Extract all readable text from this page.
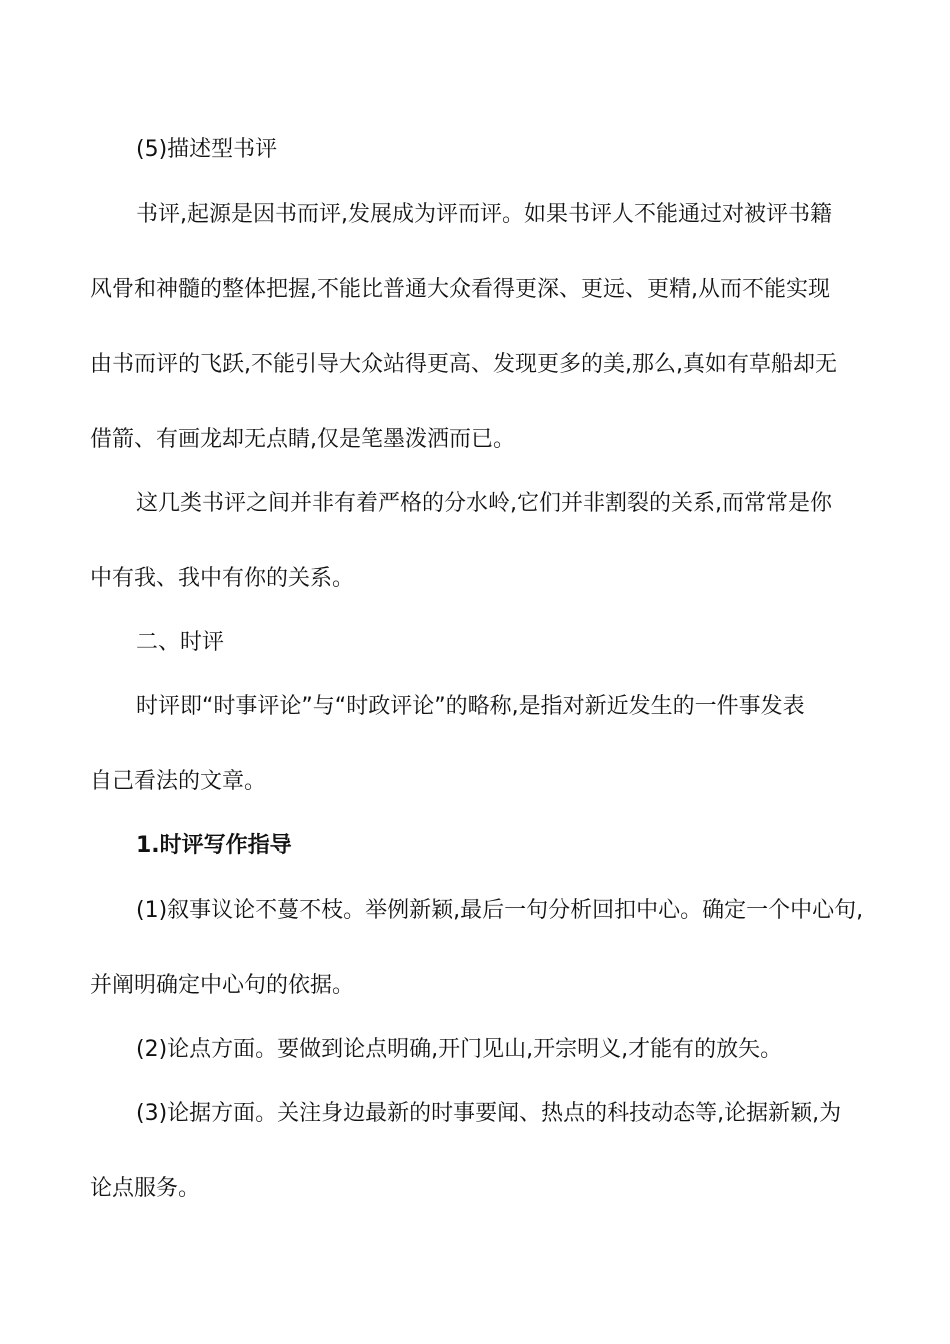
(5)描述型书评
书评,起源是因书而评,发展成为评而评。如果书评人不能通过对被评书籍
风骨和神髓的整体把握,不能比普通大众看得更深、更远、更精,从而不能实现
由书而评的飞跃,不能引导大众站得更高、发现更多的美,那么,真如有草船却无
借箭、有画龙却无点睛,仅是笔墨泼洒而已。
这几类书评之间并非有着严格的分水岭,它们并非割裂的关系,而常常是你
中有我、我中有你的关系。
二、时评
时评即“时事评论”与“时政评论”的略称,是指对新近发生的一件事发表
自己看法的文章。
1.时评写作指导
(1)叙事议论不蔓不枝。举例新颖,最后一句分析回扣中心。确定一个中心句,
并阐明确定中心句的依据。
(2)论点方面。要做到论点明确,开门见山,开宗明义,才能有的放矢。
(3)论据方面。关注身边最新的时事要闻、热点的科技动态等,论据新颖,为
论点服务。
